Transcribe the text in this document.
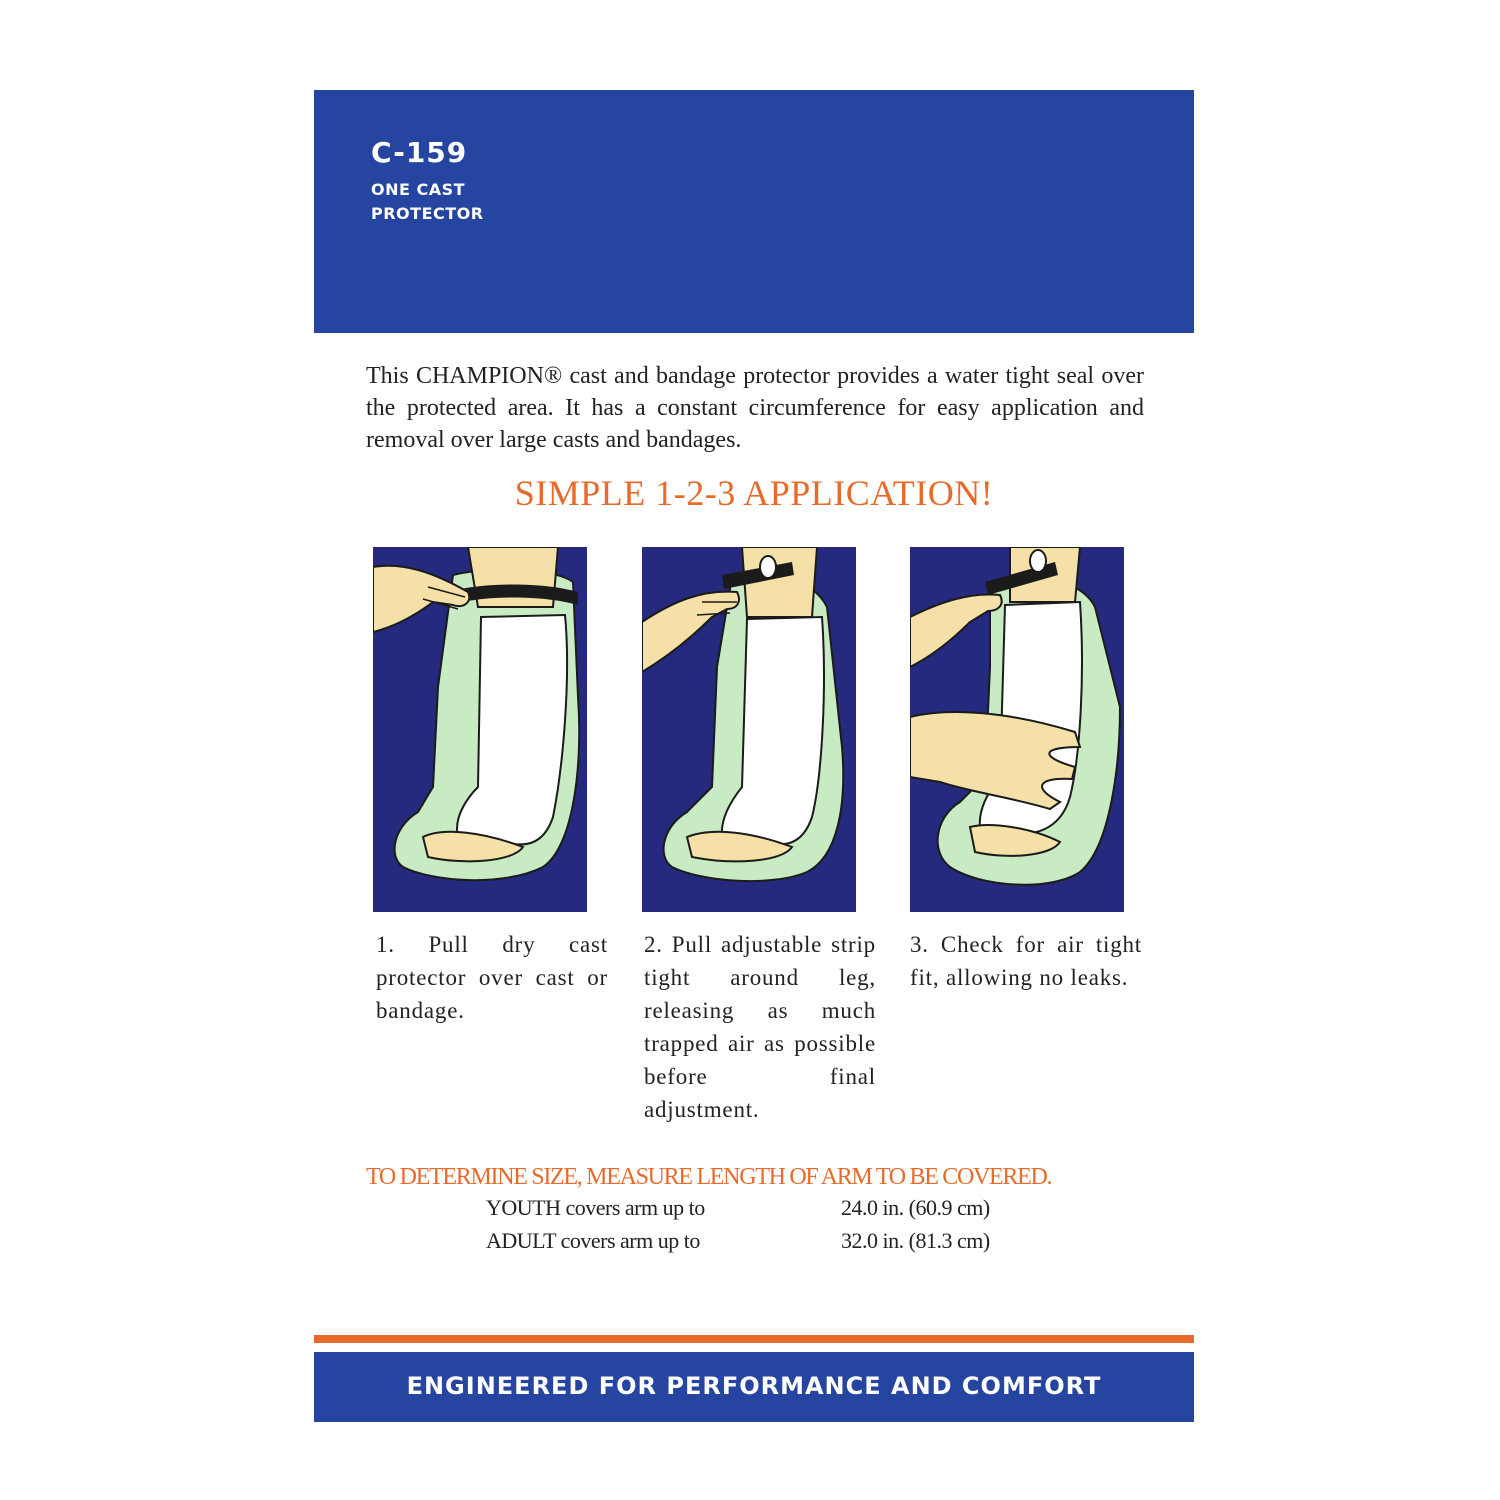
C-159

ONE CAST

PROTECTOR

This CHAMPION® cast and bandage protector provides a water tight seal over the protected area. It has a constant circumference for easy application and removal over large casts and bandages.

SIMPLE 1-2-3 APPLICATION!

1. Pull dry cast protector over cast or bandage.

2. Pull adjustable strip tight around leg, releasing as much trapped air as possible before final adjustment.

3. Check for air tight fit, allowing no leaks.

TO DETERMINE SIZE, MEASURE LENGTH OF ARM TO BE COVERED.

YOUTH covers arm up to	24.0 in. (60.9 cm)
ADULT covers arm up to	32.0 in. (81.3 cm)

ENGINEERED FOR PERFORMANCE AND COMFORT
